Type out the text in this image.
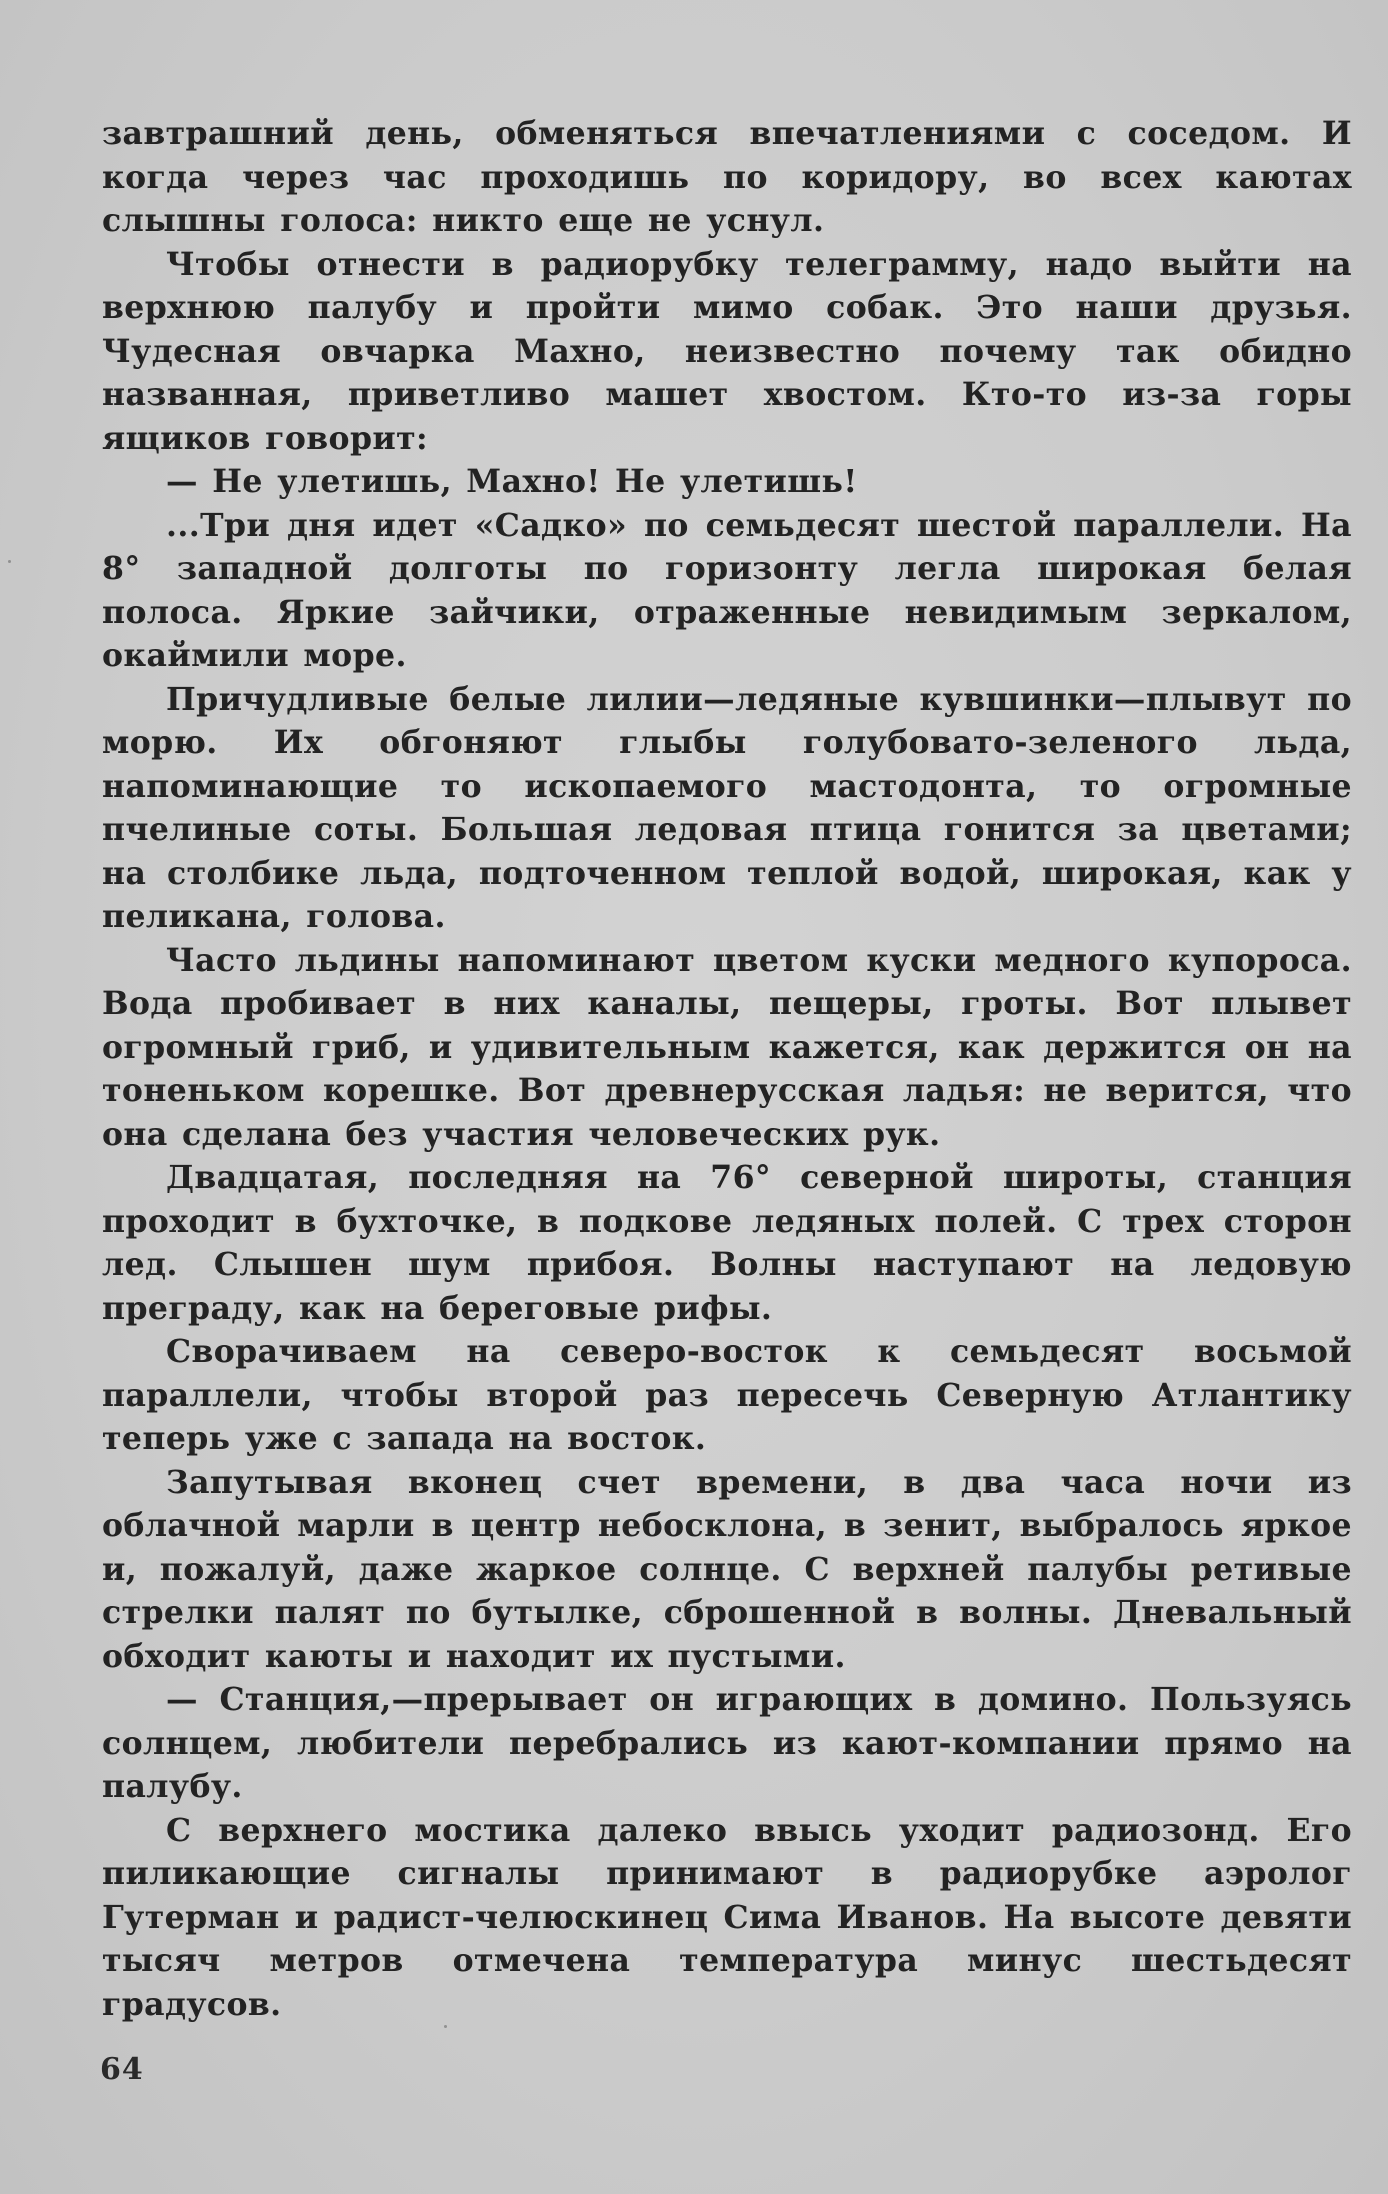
завтрашний день, обменяться впечатлениями с соседом. И когда через час проходишь по коридору, во всех каютах слышны голоса: никто еще не уснул.

Чтобы отнести в радиорубку телеграмму, надо выйти на верхнюю палубу и пройти мимо собак. Это наши друзья. Чудесная овчарка Махно, неизвестно почему так обидно названная, приветливо машет хвостом. Кто-то из-за горы ящиков говорит:

— Не улетишь, Махно! Не улетишь!

...Три дня идет «Садко» по семьдесят шестой параллели. На 8° западной долготы по горизонту легла широкая белая полоса. Яркие зайчики, отраженные невидимым зеркалом, окаймили море.

Причудливые белые лилии—ледяные кувшинки—плывут по морю. Их обгоняют глыбы голубовато-зеленого льда, напоминающие то ископаемого мастодонта, то огромные пчелиные соты. Большая ледовая птица гонится за цветами; на столбике льда, подточенном теплой водой, широкая, как у пеликана, голова.

Часто льдины напоминают цветом куски медного купороса. Вода пробивает в них каналы, пещеры, гроты. Вот плывет огромный гриб, и удивительным кажется, как держится он на тоненьком корешке. Вот древнерусская ладья: не верится, что она сделана без участия человеческих рук.

Двадцатая, последняя на 76° северной широты, станция проходит в бухточке, в подкове ледяных полей. С трех сторон лед. Слышен шум прибоя. Волны наступают на ледовую преграду, как на береговые рифы.

Сворачиваем на северо-восток к семьдесят восьмой параллели, чтобы второй раз пересечь Северную Атлантику теперь уже с запада на восток.

Запутывая вконец счет времени, в два часа ночи из облачной марли в центр небосклона, в зенит, выбралось яркое и, пожалуй, даже жаркое солнце. С верхней палубы ретивые стрелки палят по бутылке, сброшенной в волны. Дневальный обходит каюты и находит их пустыми.

— Станция,—прерывает он играющих в домино. Пользуясь солнцем, любители перебрались из кают-компании прямо на палубу.

С верхнего мостика далеко ввысь уходит радиозонд. Его пиликающие сигналы принимают в радиорубке аэролог Гутерман и радист-челюскинец Сима Иванов. На высоте девяти тысяч метров отмечена температура минус шестьдесят градусов.

64
